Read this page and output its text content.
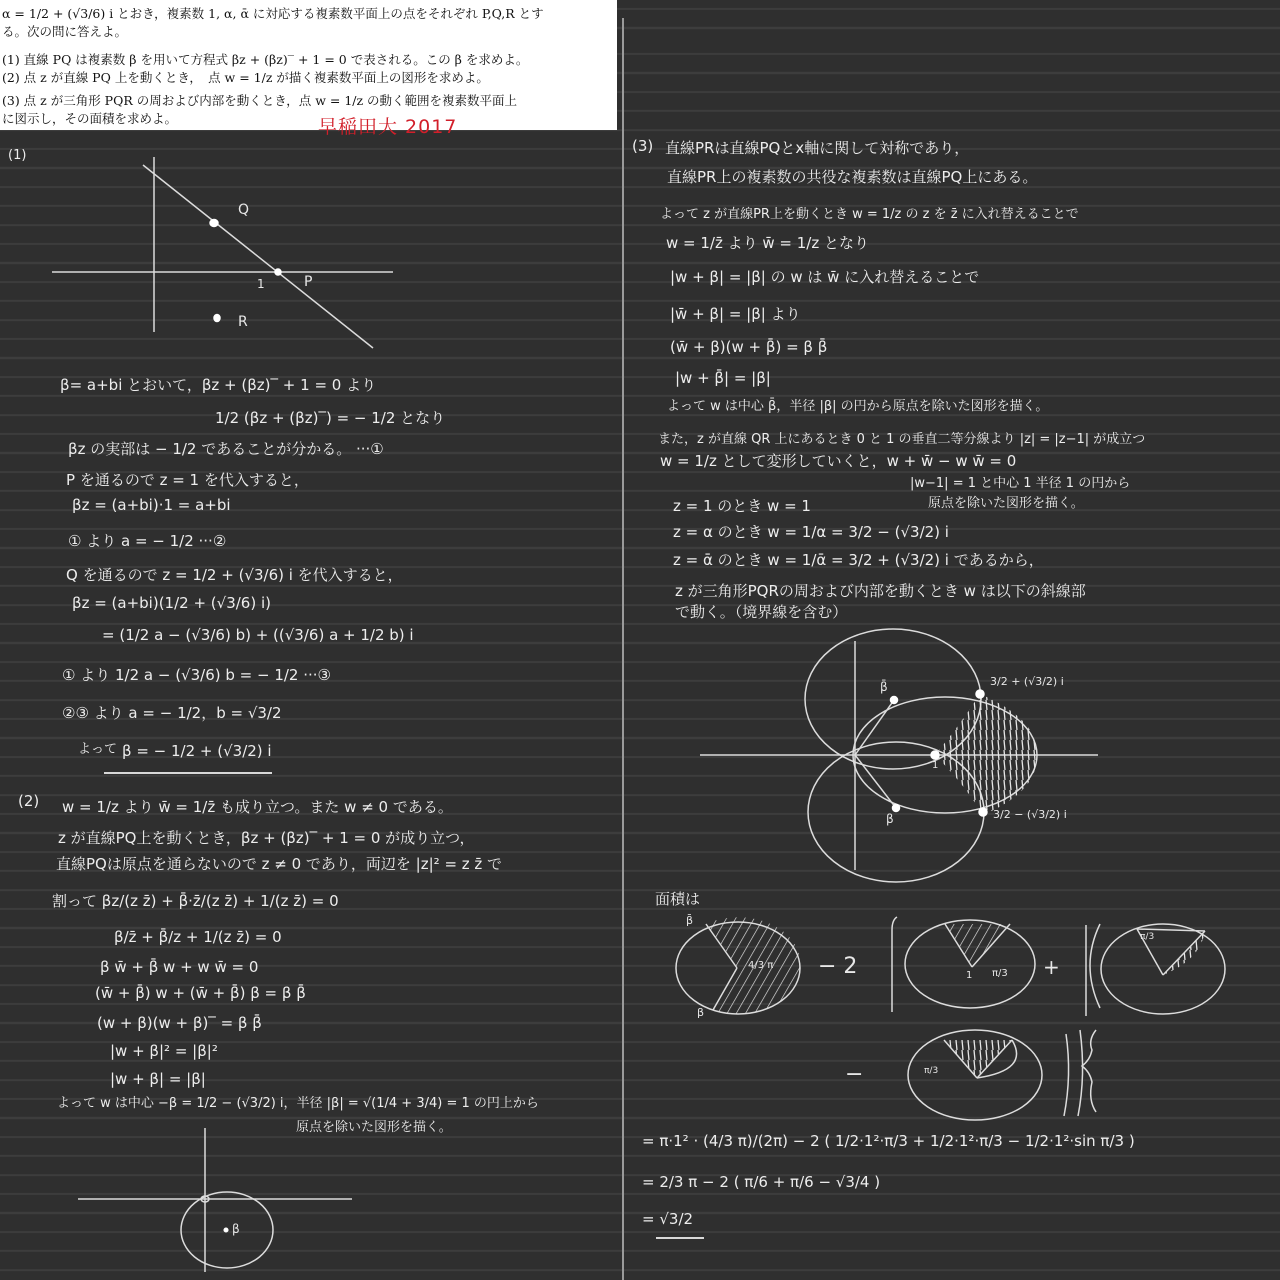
α = 1/2 + (√3/6) i とおき，複素数 1, α, ᾱ に対応する複素数平面上の点をそれぞれ P,Q,R とす
る。次の問に答えよ。
(1) 直線 PQ は複素数 β を用いて方程式 βz + (βz)‾ + 1 = 0 で表される。この β を求めよ。
(2) 点 z が直線 PQ 上を動くとき，　点 w = 1/z が描く複素数平面上の図形を求めよ。
(3) 点 z が三角形 PQR の周および内部を動くとき，点 w = 1/z の動く範囲を複素数平面上
に図示し，その面積を求めよ。	早稲田大 2017
(1)
Q
P
R
1
β= a+bi とおいて，βz + (βz)‾ + 1 = 0 より
1/2 (βz + (βz)‾) = − 1/2 となり
βz の実部は − 1/2 であることが分かる。 ···①
P を通るので z = 1 を代入すると，
βz = (a+bi)·1 = a+bi
① より a = − 1/2 ···②
Q を通るので z = 1/2 + (√3/6) i を代入すると，
βz = (a+bi)(1/2 + (√3/6) i)
= (1/2 a − (√3/6) b) + ((√3/6) a + 1/2 b) i
① より 1/2 a − (√3/6) b = − 1/2 ···③
②③ より a = − 1/2，b = √3/2
よって β = − 1/2 + (√3/2) i
(2) w = 1/z より w̄ = 1/z̄ も成り立つ。また w ≠ 0 である。
z が直線PQ上を動くとき，βz + (βz)‾ + 1 = 0 が成り立つ，
直線PQは原点を通らないので z ≠ 0 であり，両辺を |z|² = z z̄ で
割って βz/(z z̄) + β̄·z̄/(z z̄) + 1/(z z̄) = 0
β/z̄ + β̄/z + 1/(z z̄) = 0
β w̄ + β̄ w + w w̄ = 0
(w̄ + β̄) w + (w̄ + β̄) β = β β̄
(w + β)(w + β)‾ = β β̄
|w + β|² = |β|²
|w + β| = |β|
よって w は中心 −β = 1/2 − (√3/2) i，半径 |β| = √(1/4 + 3/4) = 1 の円上から
原点を除いた図形を描く。
β
(3) 直線PRは直線PQとx軸に関して対称であり，
直線PR上の複素数の共役な複素数は直線PQ上にある。
よって z が直線PR上を動くとき w = 1/z の z を z̄ に入れ替えることで
w = 1/z̄ より w̄ = 1/z となり
|w + β| = |β| の w は w̄ に入れ替えることで
|w̄ + β| = |β| より
(w̄ + β)(w + β̄) = β β̄
|w + β̄| = |β|
よって w は中心 β̄，半径 |β| の円から原点を除いた図形を描く。
また，z が直線 QR 上にあるとき 0 と 1 の垂直二等分線より |z| = |z−1| が成立つ
w = 1/z として変形していくと，w + w̄ − w w̄ = 0
|w−1| = 1 と中心 1 半径 1 の円から
原点を除いた図形を描く。
z = 1 のとき w = 1
z = α のとき w = 1/α = 3/2 − (√3/2) i
z = ᾱ のとき w = 1/ᾱ = 3/2 + (√3/2) i であるから，
z が三角形PQRの周および内部を動くとき w は以下の斜線部
で動く。（境界線を含む）
β̄
β
1
3/2 + (√3/2) i
3/2 − (√3/2) i
面積は
β̄
β
4/3 π − 2	1 π/3 +
π/3
−	π/3
= π·1² · (4/3 π)/(2π) − 2 ( 1/2·1²·π/3 + 1/2·1²·π/3 − 1/2·1²·sin π/3 )
= 2/3 π − 2 ( π/6 + π/6 − √3/4 )
= √3/2
